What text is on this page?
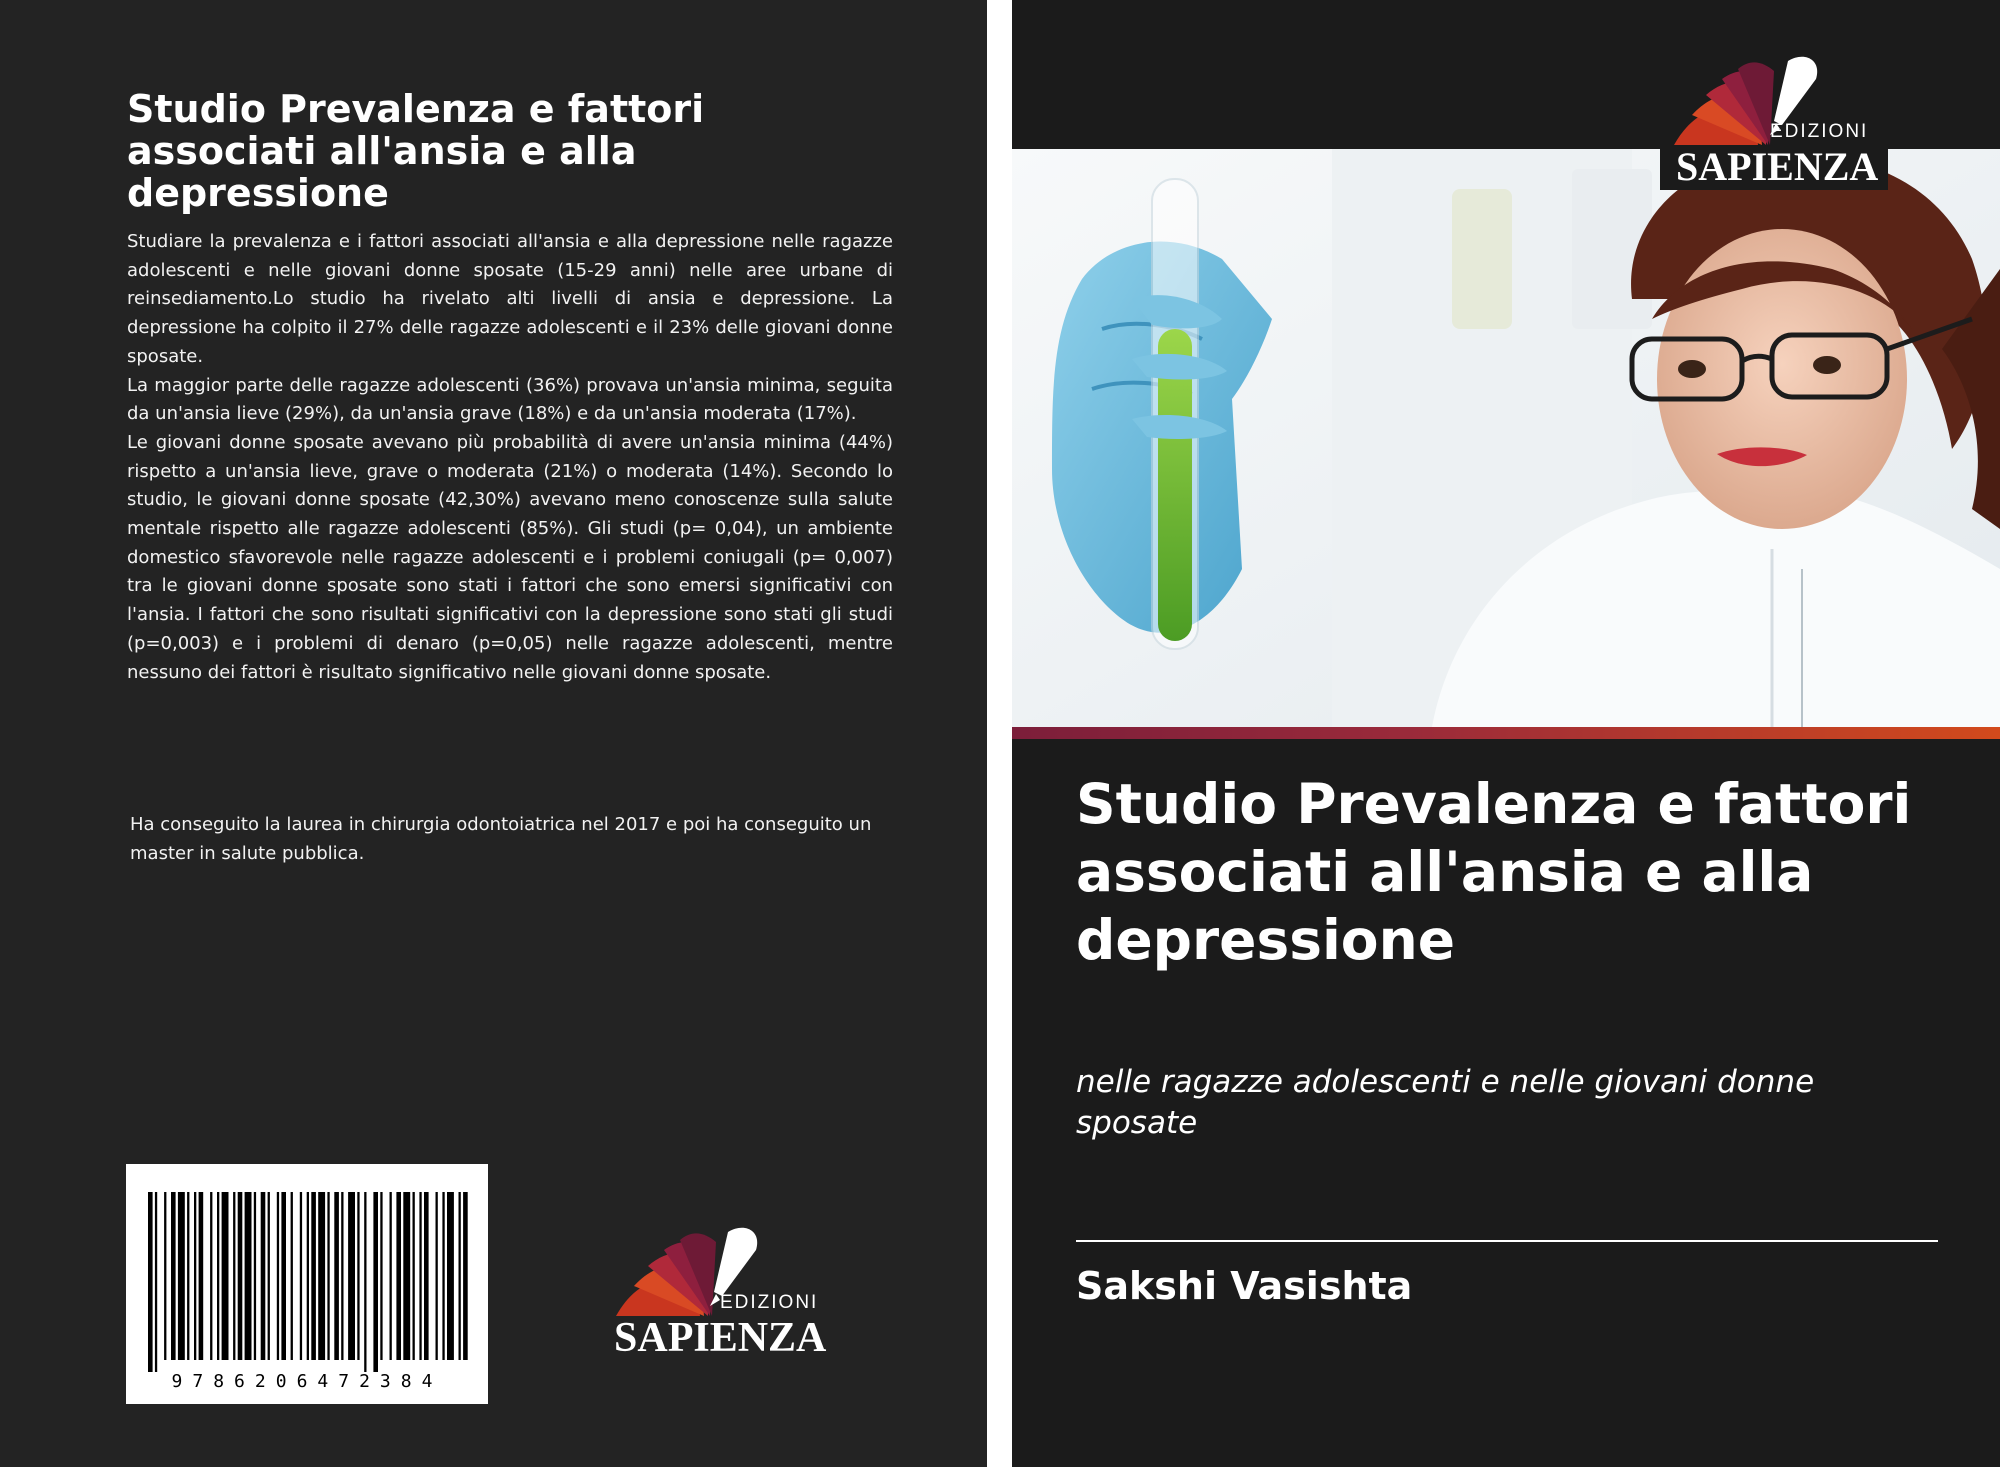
Studio Prevalenza e fattori associati all'ansia e alla depressione

Studiare la prevalenza e i fattori associati all'ansia e alla depressione nelle ragazze adolescenti e nelle giovani donne sposate (15-29 anni) nelle aree urbane di reinsediamento.Lo studio ha rivelato alti livelli di ansia e depressione. La depressione ha colpito il 27% delle ragazze adolescenti e il 23% delle giovani donne sposate.

La maggior parte delle ragazze adolescenti (36%) provava un'ansia minima, seguita da un'ansia lieve (29%), da un'ansia grave (18%) e da un'ansia moderata (17%).

Le giovani donne sposate avevano più probabilità di avere un'ansia minima (44%) rispetto a un'ansia lieve, grave o moderata (21%) o moderata (14%). Secondo lo studio, le giovani donne sposate (42,30%) avevano meno conoscenze sulla salute mentale rispetto alle ragazze adolescenti (85%). Gli studi (p= 0,04), un ambiente domestico sfavorevole nelle ragazze adolescenti e i problemi coniugali (p= 0,007) tra le giovani donne sposate sono stati i fattori che sono emersi significativi con l'ansia. I fattori che sono risultati significativi con la depressione sono stati gli studi (p=0,003) e i problemi di denaro (p=0,05) nelle ragazze adolescenti, mentre nessuno dei fattori è risultato significativo nelle giovani donne sposate.

Ha conseguito la laurea in chirurgia odontoiatrica nel 2017 e poi ha conseguito un master in salute pubblica.
9786206472384
EDIZIONI
SAPIENZA
EDIZIONI
SAPIENZA
Studio Prevalenza e fattori associati all'ansia e alla depressione
nelle ragazze adolescenti e nelle giovani donne sposate
Sakshi Vasishta
